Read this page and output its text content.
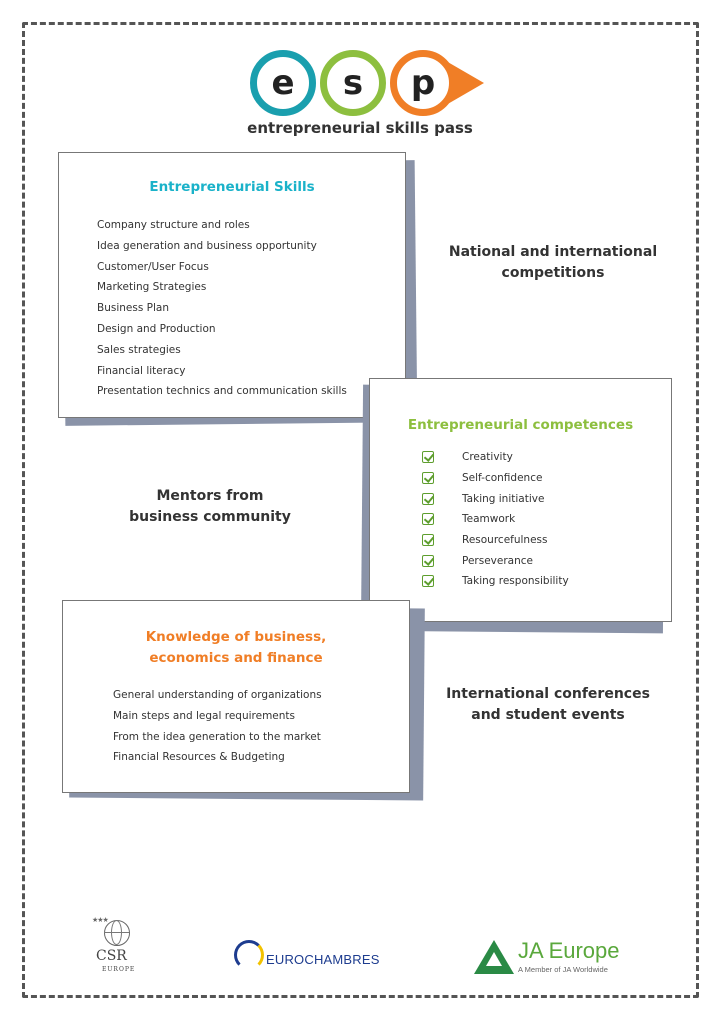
e	s	p
entrepreneurial skills pass
Entrepreneurial Skills
Company structure and roles
Idea generation and business opportunity
Customer/User Focus
Marketing Strategies
Business Plan
Design and Production
Sales strategies
Financial literacy
Presentation technics and communication skills
National and international
competitions
Entrepreneurial competences
Creativity
Self-confidence
Taking initiative
Teamwork
Resourcefulness
Perseverance
Taking responsibility
Mentors from
business community
Knowledge of business,
economics and finance
General understanding of organizations
Main steps and legal requirements
From the idea generation to the market
Financial Resources & Budgeting
International conferences
and student events
★★★
CSR
EUROPE
EUROCHAMBRES	JA Europe
A Member of JA Worldwide
